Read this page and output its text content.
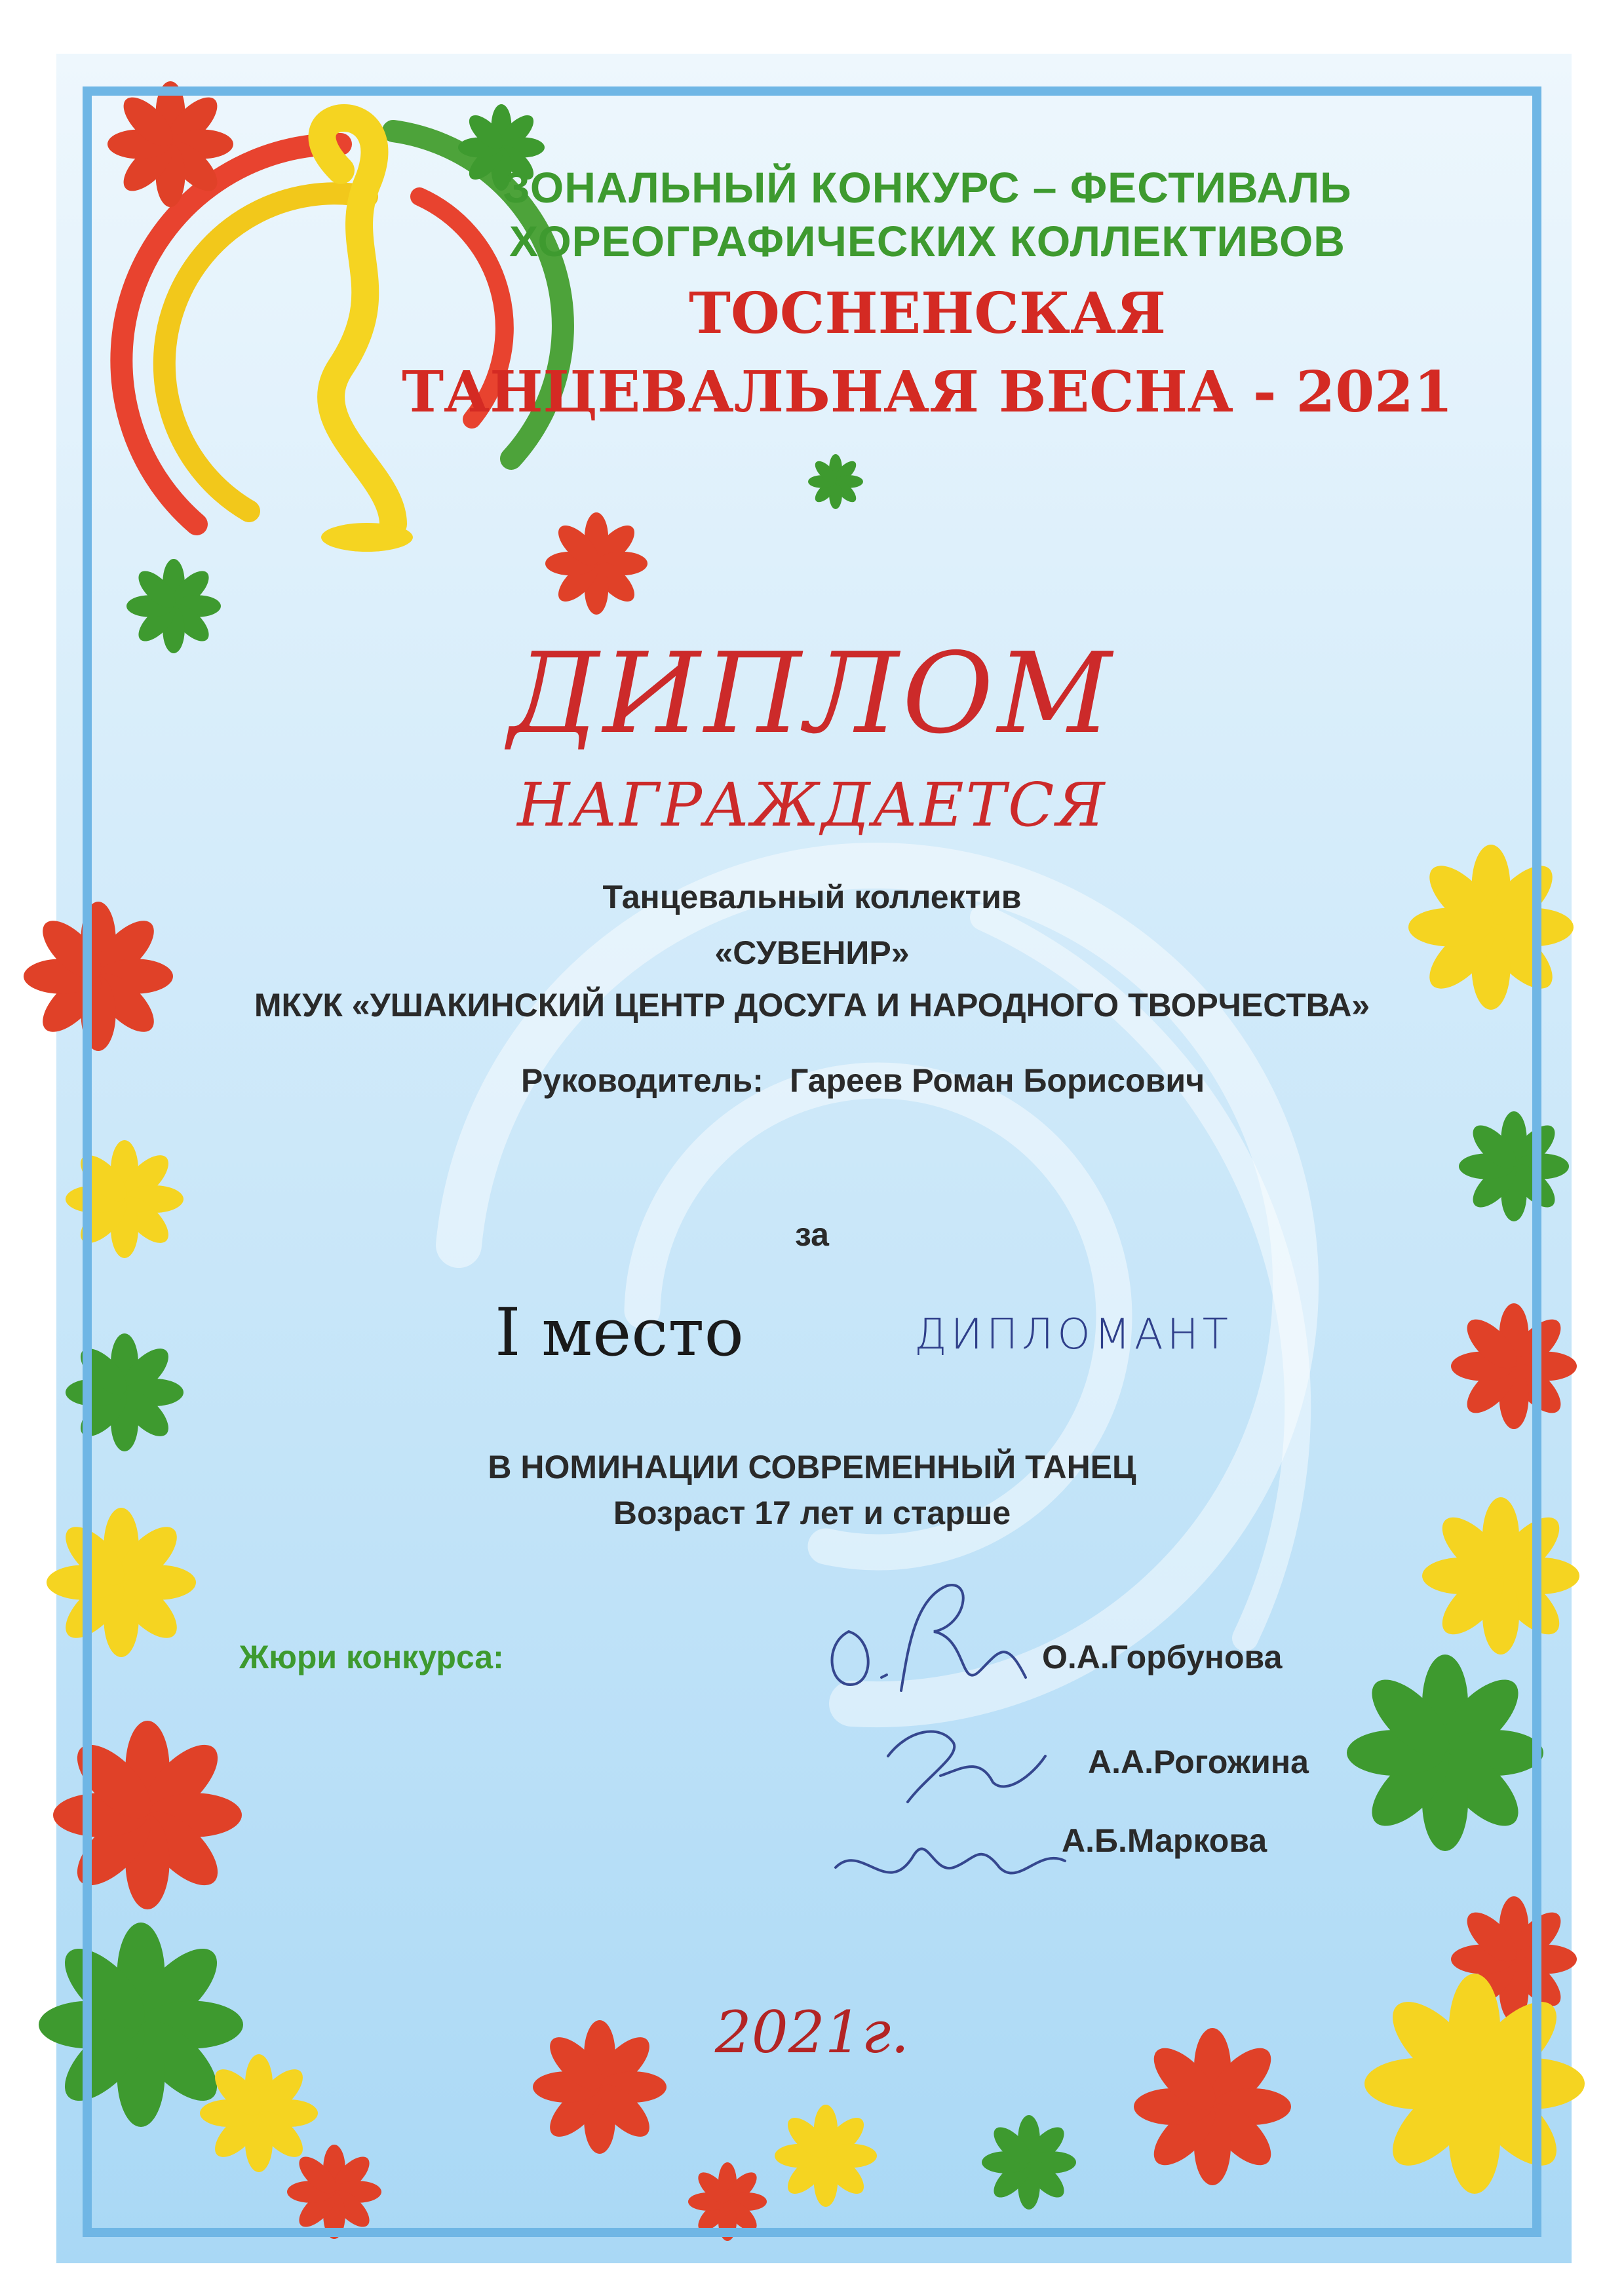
ЗОНАЛЬНЫЙ КОНКУРС – ФЕСТИВАЛЬ
ХОРЕОГРАФИЧЕСКИХ КОЛЛЕКТИВОВ
ТОСНЕНСКАЯ
ТАНЦЕВАЛЬНАЯ ВЕСНА - 2021
ДИПЛОМ
НАГРАЖДАЕТСЯ
Танцевальный коллектив
«СУВЕНИР»
МКУК «УШАКИНСКИЙ ЦЕНТР ДОСУГА И НАРОДНОГО ТВОРЧЕСТВА»
Руководитель: Гареев Роман Борисович
за
I место	ДИПЛОМАНТ
В НОМИНАЦИИ СОВРЕМЕННЫЙ ТАНЕЦ
Возраст 17 лет и старше
Жюри конкурса:	О.А.Горбунова
А.А.Рогожина
А.Б.Маркова
2021г.
